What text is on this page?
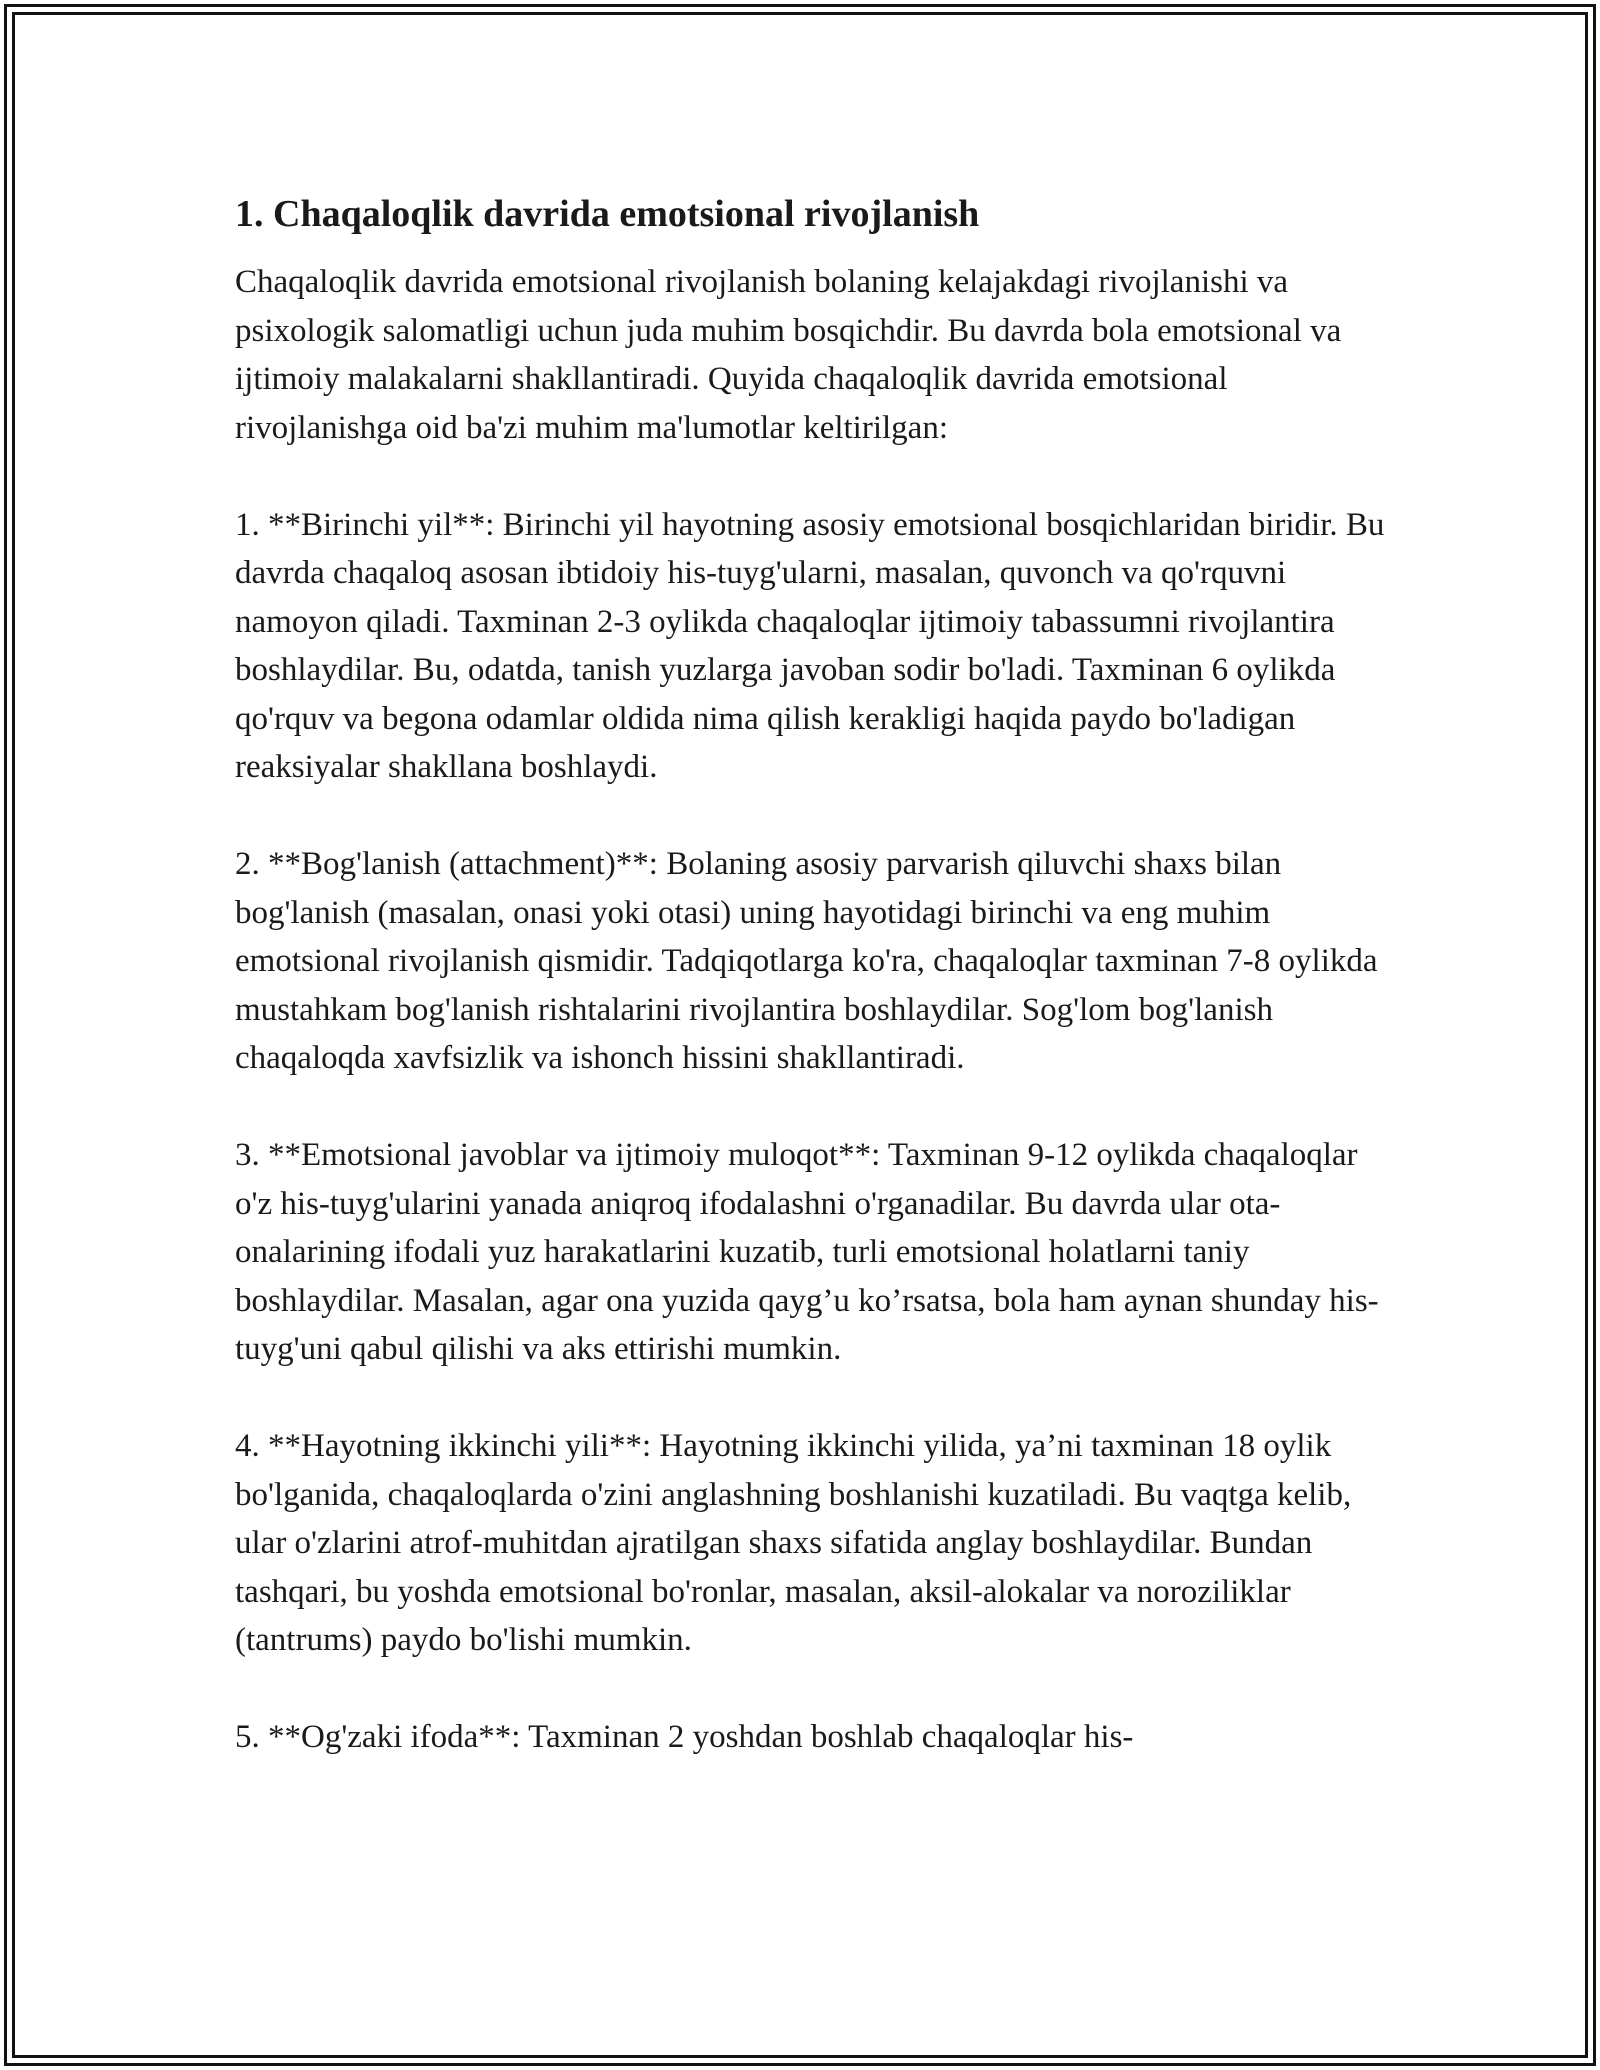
1. Chaqaloqlik davrida emotsional rivojlanish

Chaqaloqlik davrida emotsional rivojlanish bolaning kelajakdagi rivojlanishi va psixologik salomatligi uchun juda muhim bosqichdir. Bu davrda bola emotsional va ijtimoiy malakalarni shakllantiradi. Quyida chaqaloqlik davrida emotsional rivojlanishga oid ba'zi muhim ma'lumotlar keltirilgan:

1. **Birinchi yil**: Birinchi yil hayotning asosiy emotsional bosqichlaridan biridir. Bu davrda chaqaloq asosan ibtidoiy his-tuyg'ularni, masalan, quvonch va qo'rquvni namoyon qiladi. Taxminan 2-3 oylikda chaqaloqlar ijtimoiy tabassumni rivojlantira boshlaydilar. Bu, odatda, tanish yuzlarga javoban sodir bo'ladi. Taxminan 6 oylikda qo'rquv va begona odamlar oldida nima qilish kerakligi haqida paydo bo'ladigan reaksiyalar shakllana boshlaydi.

2. **Bog'lanish (attachment)**: Bolaning asosiy parvarish qiluvchi shaxs bilan bog'lanish (masalan, onasi yoki otasi) uning hayotidagi birinchi va eng muhim emotsional rivojlanish qismidir. Tadqiqotlarga ko'ra, chaqaloqlar taxminan 7-8 oylikda mustahkam bog'lanish rishtalarini rivojlantira boshlaydilar. Sog'lom bog'lanish chaqaloqda xavfsizlik va ishonch hissini shakllantiradi.

3. **Emotsional javoblar va ijtimoiy muloqot**: Taxminan 9-12 oylikda chaqaloqlar o'z his-tuyg'ularini yanada aniqroq ifodalashni o'rganadilar. Bu davrda ular ota-onalarining ifodali yuz harakatlarini kuzatib, turli emotsional holatlarni taniy boshlaydilar. Masalan, agar ona yuzida qayg’u ko’rsatsa, bola ham aynan shunday his-tuyg'uni qabul qilishi va aks ettirishi mumkin.

4. **Hayotning ikkinchi yili**: Hayotning ikkinchi yilida, ya’ni taxminan 18 oylik bo'lganida, chaqaloqlarda o'zini anglashning boshlanishi kuzatiladi. Bu vaqtga kelib, ular o'zlarini atrof-muhitdan ajratilgan shaxs sifatida anglay boshlaydilar. Bundan tashqari, bu yoshda emotsional bo'ronlar, masalan, aksil-alokalar va noroziliklar (tantrums) paydo bo'lishi mumkin.

5. **Og'zaki ifoda**: Taxminan 2 yoshdan boshlab chaqaloqlar his-
